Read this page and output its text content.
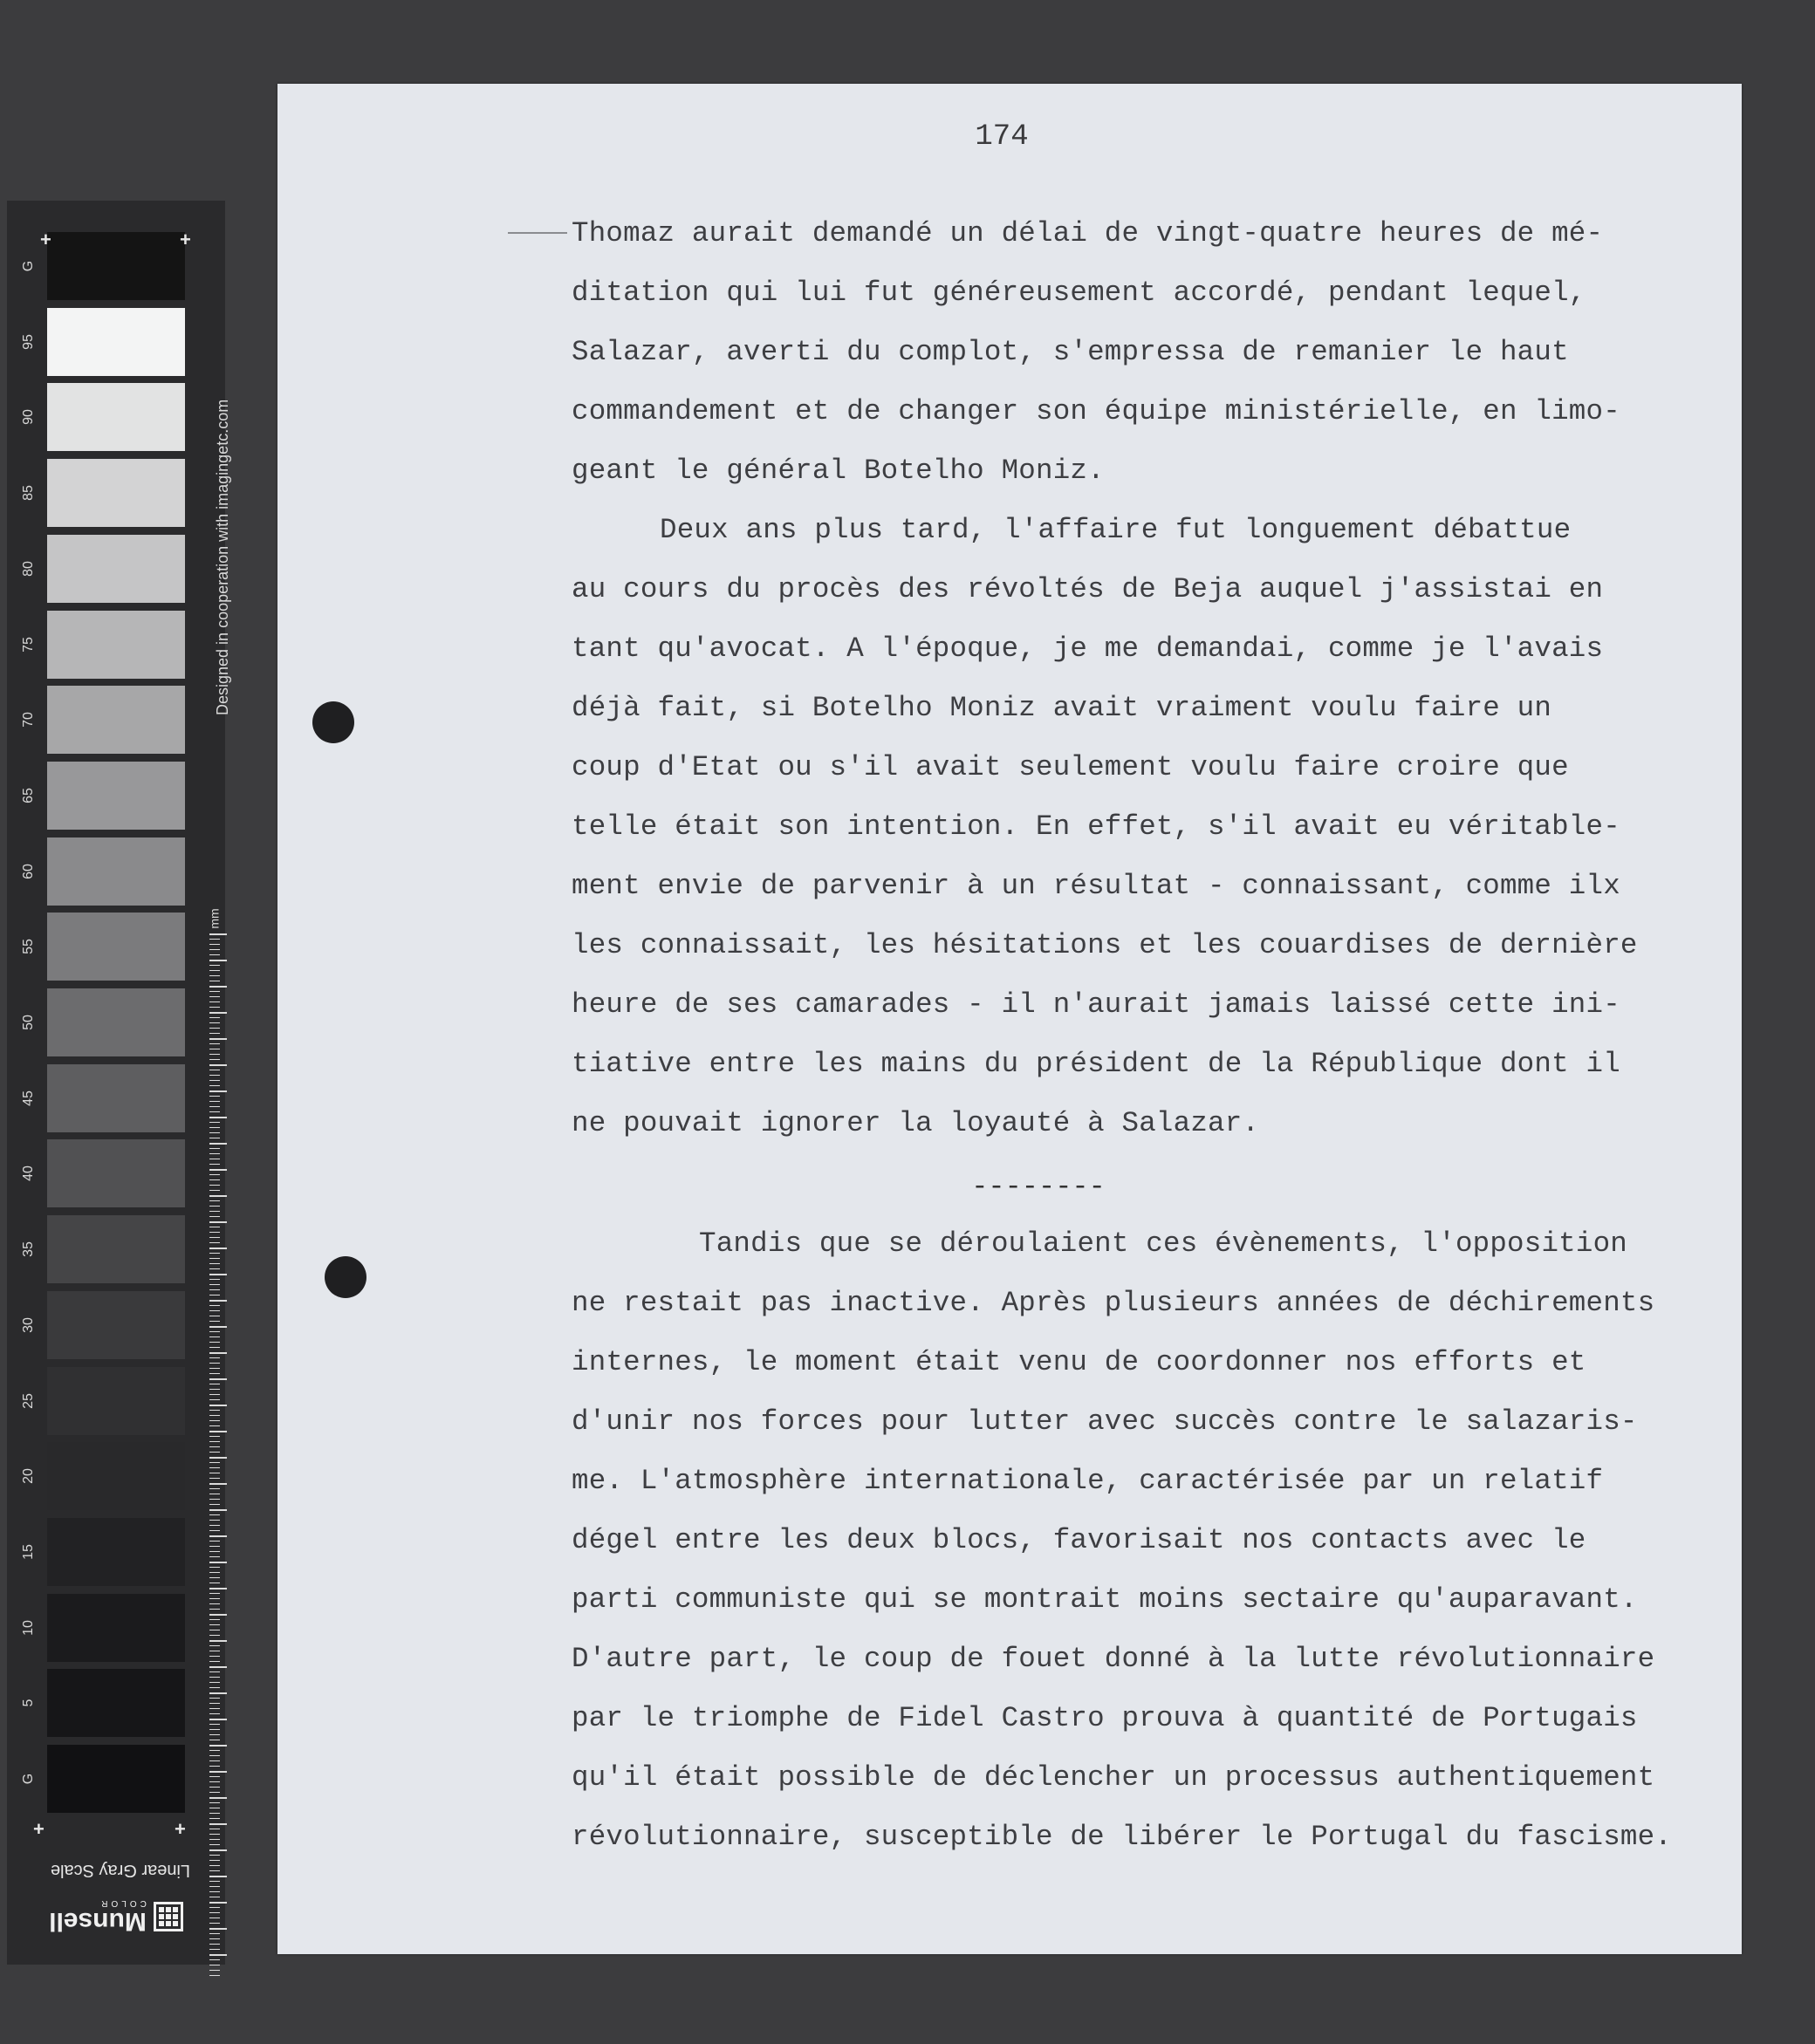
G
95
90
85
80
75
70
65
60
55
50
45
40
35
30
25
20
15
10
5
G
Designed in cooperation with imagingetc.com
mm
+	+
+	+
Linear Gray Scale
Munsell
COLOR
174
Thomaz aurait demandé un délai de vingt-quatre heures de mé-
ditation qui lui fut généreusement accordé, pendant lequel,
Salazar, averti du complot, s'empressa de remanier le haut
commandement et de changer son équipe ministérielle, en limo-
geant le général Botelho Moniz.
Deux ans plus tard, l'affaire fut longuement débattue
au cours du procès des révoltés de Beja auquel j'assistai en
tant qu'avocat. A l'époque, je me demandai, comme je l'avais
déjà fait, si Botelho Moniz avait vraiment voulu faire un
coup d'Etat ou s'il avait seulement voulu faire croire que
telle était son intention. En effet, s'il avait eu véritable-
ment envie de parvenir à un résultat - connaissant, comme ilx
les connaissait, les hésitations et les couardises de dernière
heure de ses camarades - il n'aurait jamais laissé cette ini-
tiative entre les mains du président de la République dont il
ne pouvait ignorer la loyauté à Salazar.
--------
Tandis que se déroulaient ces évènements, l'opposition
ne restait pas inactive. Après plusieurs années de déchirements
internes, le moment était venu de coordonner nos efforts et
d'unir nos forces pour lutter avec succès contre le salazaris-
me. L'atmosphère internationale, caractérisée par un relatif
dégel entre les deux blocs, favorisait nos contacts avec le
parti communiste qui se montrait moins sectaire qu'auparavant.
D'autre part, le coup de fouet donné à la lutte révolutionnaire
par le triomphe de Fidel Castro prouva à quantité de Portugais
qu'il était possible de déclencher un processus authentiquement
révolutionnaire, susceptible de libérer le Portugal du fascisme.
